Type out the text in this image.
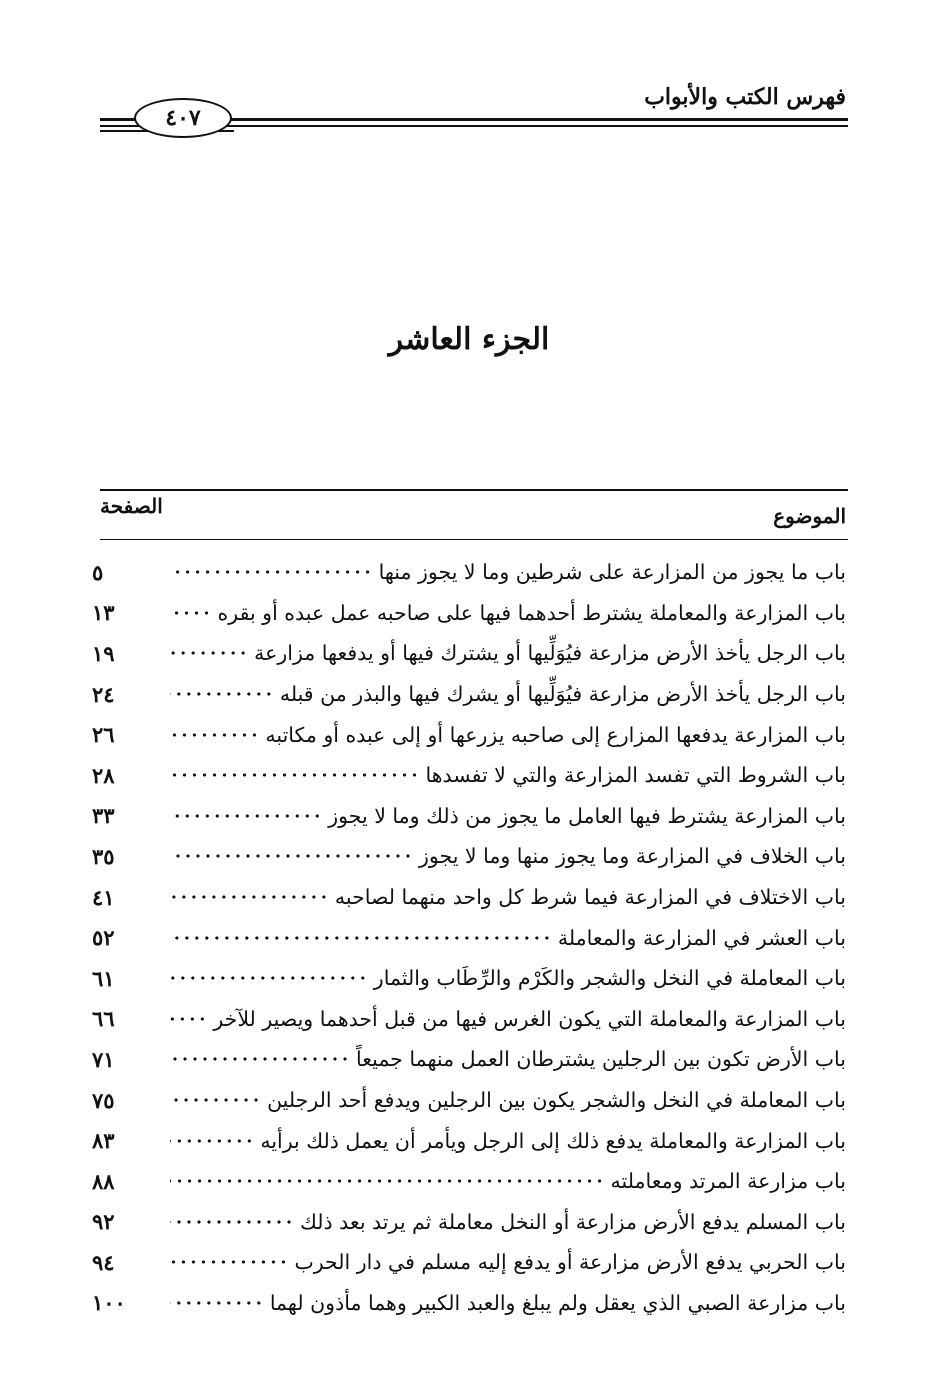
فهرس الكتب والأبواب
٤٠٧
الجزء العاشر
الصفحة	الموضوع
باب ما يجوز من المزارعة على شرطين وما لا يجوز منها
٥
باب المزارعة والمعاملة يشترط أحدهما فيها على صاحبه عمل عبده أو بقره
١٣
باب الرجل يأخذ الأرض مزارعة فيُوَلِّيها أو يشترك فيها أو يدفعها مزارعة
١٩
باب الرجل يأخذ الأرض مزارعة فيُوَلِّيها أو يشرك فيها والبذر من قبله
٢٤
باب المزارعة يدفعها المزارع إلى صاحبه يزرعها أو إلى عبده أو مكاتبه
٢٦
باب الشروط التي تفسد المزارعة والتي لا تفسدها
٢٨
باب المزارعة يشترط فيها العامل ما يجوز من ذلك وما لا يجوز
٣٣
باب الخلاف في المزارعة وما يجوز منها وما لا يجوز
٣٥
باب الاختلاف في المزارعة فيما شرط كل واحد منهما لصاحبه
٤١
باب العشر في المزارعة والمعاملة
٥٢
باب المعاملة في النخل والشجر والكَرْم والرِّطَاب والثمار
٦١
باب المزارعة والمعاملة التي يكون الغرس فيها من قبل أحدهما ويصير للآخر
٦٦
باب الأرض تكون بين الرجلين يشترطان العمل منهما جميعاً
٧١
باب المعاملة في النخل والشجر يكون بين الرجلين ويدفع أحد الرجلين
٧٥
باب المزارعة والمعاملة يدفع ذلك إلى الرجل ويأمر أن يعمل ذلك برأيه
٨٣
باب مزارعة المرتد ومعاملته
٨٨
باب المسلم يدفع الأرض مزارعة أو النخل معاملة ثم يرتد بعد ذلك
٩٢
باب الحربي يدفع الأرض مزارعة أو يدفع إليه مسلم في دار الحرب
٩٤
باب مزارعة الصبي الذي يعقل ولم يبلغ والعبد الكبير وهما مأذون لهما
١٠٠
